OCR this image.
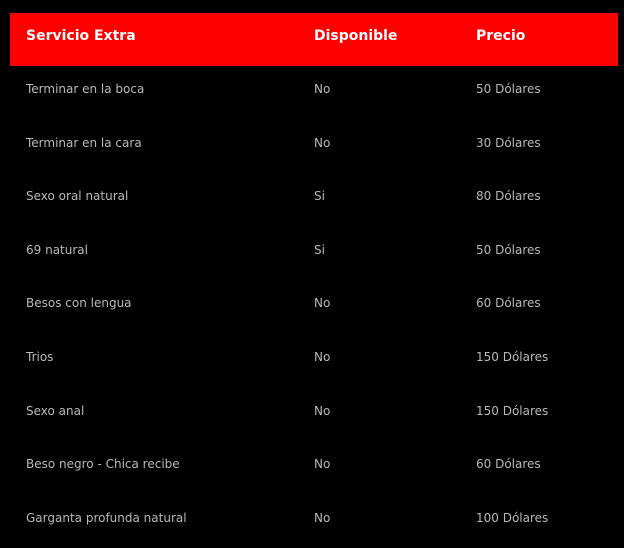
Servicio Extra	Disponible	Precio
Terminar en la boca	No	50 Dólares
Terminar en la cara	No	30 Dólares
Sexo oral natural	Si	80 Dólares
69 natural	Si	50 Dólares
Besos con lengua	No	60 Dólares
Trios	No	150 Dólares
Sexo anal	No	150 Dólares
Beso negro - Chica recibe	No	60 Dólares
Garganta profunda natural	No	100 Dólares
